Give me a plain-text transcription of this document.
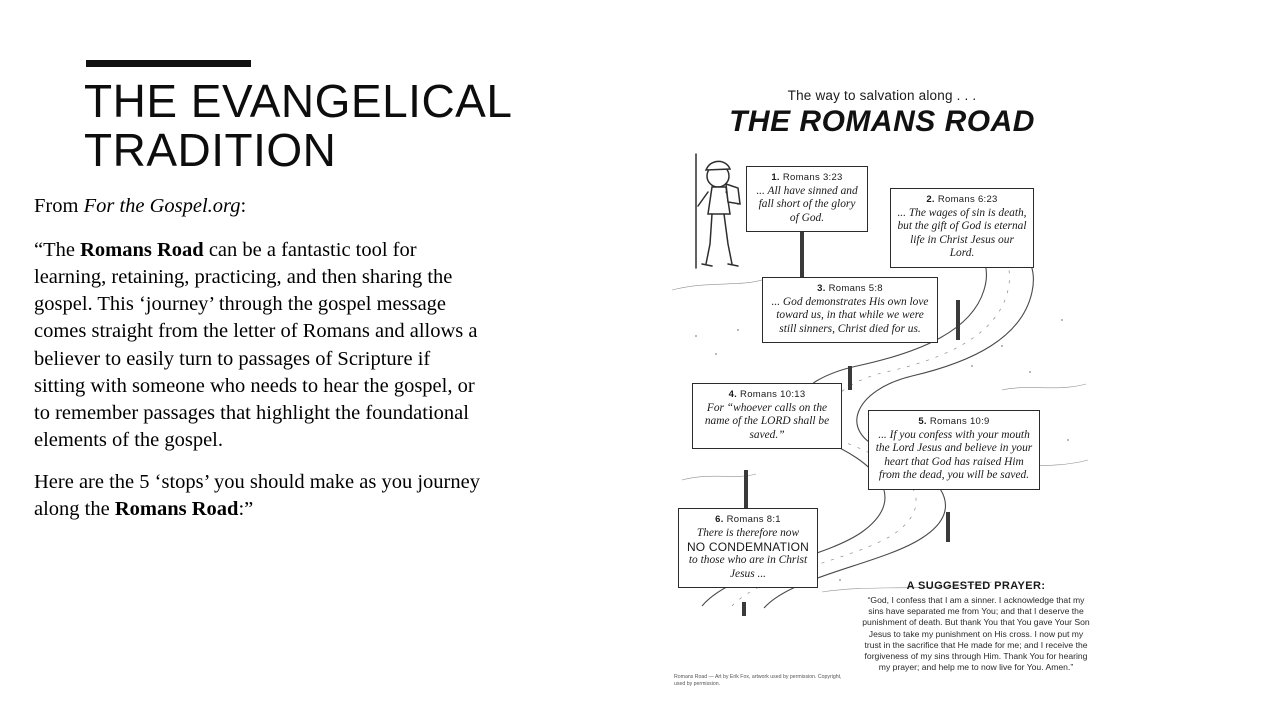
THE EVANGELICAL TRADITION

From For the Gospel.org:

“The Romans Road can be a fantastic tool for learning, retaining, practicing, and then sharing the gospel. This ‘journey’ through the gospel message comes straight from the letter of Romans and allows a believer to easily turn to passages of Scripture if sitting with someone who needs to hear the gospel, or to remember passages that highlight the foundational elements of the gospel.

Here are the 5 ‘stops’ you should make as you journey along the Romans Road:”

The way to salvation along . . .

THE ROMANS ROAD

1. Romans 3:23
... All have sinned and fall short of the glory of God.
2. Romans 6:23
... The wages of sin is death, but the gift of God is eternal life in Christ Jesus our Lord.
3. Romans 5:8
... God demonstrates His own love toward us, in that while we were still sinners, Christ died for us.
4. Romans 10:13
For “whoever calls on the name of the LORD shall be saved.”
5. Romans 10:9
... If you confess with your mouth the Lord Jesus and believe in your heart that God has raised Him from the dead, you will be saved.
6. Romans 8:1
There is therefore now
NO CONDEMNATION
to those who are in Christ Jesus ...
A SUGGESTED PRAYER:
“God, I confess that I am a sinner. I acknowledge that my sins have separated me from You; and that I deserve the punishment of death. But thank You that You gave Your Son Jesus to take my punishment on His cross. I now put my trust in the sacrifice that He made for me; and I receive the forgiveness of my sins through Him. Thank You for hearing my prayer; and help me to now live for You. Amen.”
Romans Road — Art by Erik Fox, artwork used by permission. Copyright, used by permission.
